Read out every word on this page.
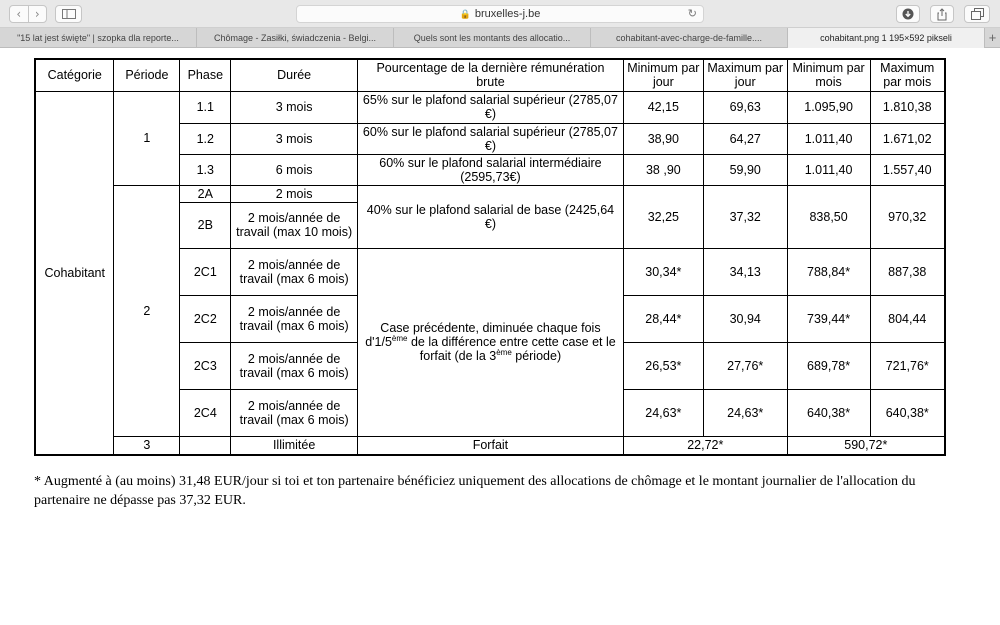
‹	›	🔒 bruxelles-j.be	↻
"15 lat jest święte" | szopka dla reporte...	Chômage - Zasiłki, świadczenia - Belgi...	Quels sont les montants des allocatio...	cohabitant-avec-charge-de-famille....	cohabitant.png 1 195×592 pikseli	+
Catégorie	Période	Phase	Durée	Pourcentage de la dernière rémunération brute	Minimum par jour	Maximum par jour	Minimum par mois	Maximum par mois
Cohabitant	1	1.1	3 mois	65% sur le plafond salarial supérieur (2785,07 €)	42,15	69,63	1.095,90	1.810,38
		1.2	3 mois	60% sur le plafond salarial supérieur (2785,07 €)	38,90	64,27	1.011,40	1.671,02
		1.3	6 mois	60% sur le plafond salarial intermédiaire (2595,73€)	38 ,90	59,90	1.011,40	1.557,40
	2	2A	2 mois	40% sur le plafond salarial de base (2425,64 €)	32,25	37,32	838,50	970,32
		2B	2 mois/année de travail (max 10 mois)					
		2C1	2 mois/année de travail (max 6 mois)	Case précédente, diminuée chaque fois d'1/5ème de la différence entre cette case et le forfait (de la 3ème période)	30,34*	34,13	788,84*	887,38
		2C2	2 mois/année de travail (max 6 mois)		28,44*	30,94	739,44*	804,44
		2C3	2 mois/année de travail (max 6 mois)		26,53*	27,76*	689,78*	721,76*
		2C4	2 mois/année de travail (max 6 mois)		24,63*	24,63*	640,38*	640,38*
	3		Illimitée	Forfait	22,72*		590,72*	
* Augmenté à (au moins) 31,48 EUR/jour si toi et ton partenaire bénéficiez uniquement des allocations de chômage et le montant journalier de l'allocation du partenaire ne dépasse pas 37,32 EUR.
